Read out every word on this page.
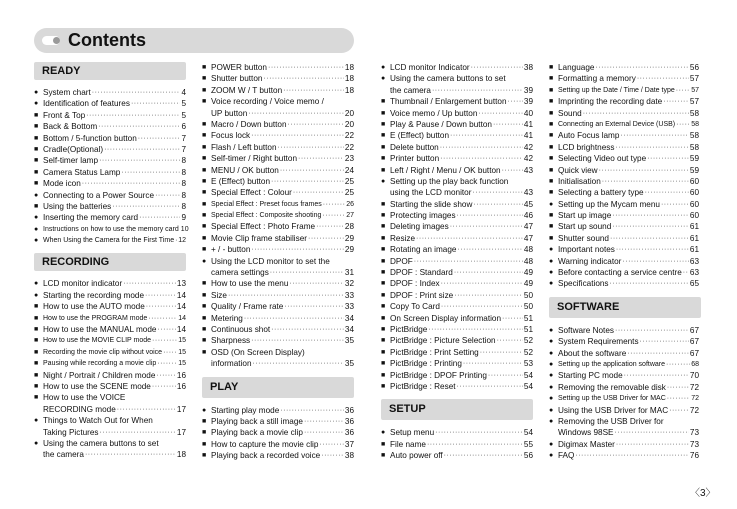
Contents
READY
● System chart ·····	4
● Identification of features ·····	5
■ Front & Top ·····	5
■ Back & Bottom ·····	6
■ Bottom / 5-function button ·····	7
■ Cradle(Optional) ·····	7
■ Self-timer lamp ·····	8
■ Camera Status Lamp ·····	8
■ Mode icon ·····	8
● Connecting to a Power Source ·····	8
■ Using the batteries ·····	8
● Inserting the memory card ·····	9
● Instructions on how to use the memory card 10
● When Using the Camera for the First Time ····· 12
RECORDING
● LCD monitor indicator ·····	13
● Starting the recording mode ·····	14
■ How to use the AUTO mode ·····	14
■ How to use the PROGRAM mode ·····	14
■ How to use the MANUAL mode ····· 14
■ How to use the MOVIE CLIP mode ·····	15
■ Recording the movie clip without voice ····· 15
■ Pausing while recording a movie clip ·····	15
■ Night / Portrait / Children mode ·····	16
■ How to use the SCENE mode ·····	16
■ How to use the VOICE
RECORDING mode ·····	17
● Things to Watch Out for When
Taking Pictures ·····	17
● Using the camera buttons to set
the camera ·····	18
■ POWER button ·····	18
■ Shutter button ·····	18
■ ZOOM W / T button ·····	18
■ Voice recording / Voice memo /
UP button ·····	20
■ Macro / Down button ·····	20
■ Focus lock ·····	22
■ Flash / Left button ·····	22
■ Self-timer / Right button ·····	23
■ MENU / OK button ·····	24
■ E (Effect) button ·····	25
■ Special Effect : Colour ·····	25
■ Special Effect : Preset focus frames ·····	26
■ Special Effect : Composite shooting ·····	27
■ Special Effect : Photo Frame ·····	28
■ Movie Clip frame stabiliser ·····	29
■ + / - button ·····	29
● Using the LCD monitor to set the
camera settings ·····	31
■ How to use the menu ·····	32
■ Size ·····	33
■ Quality / Frame rate ·····	33
■ Metering ·····	34
■ Continuous shot ·····	34
■ Sharpness ·····	35
■ OSD (On Screen Display)
information ·····	35
PLAY
● Starting play mode ·····	36
■ Playing back a still image ·····	36
■ Playing back a movie clip ·····	36
■ How to capture the movie clip ·····	37
■ Playing back a recorded voice ·····	38
● LCD monitor Indicator ·····	38
● Using the camera buttons to set
the camera ·····	39
■ Thumbnail / Enlargement button ····· 39
■ Voice memo / Up button ·····	40
■ Play & Pause / Down button ·····	41
■ E (Effect) button ·····	41
■ Delete button ·····	42
■ Printer button ·····	42
■ Left / Right / Menu / OK button ·····	43
● Setting up the play back function
using the LCD monitor ·····	43
■ Starting the slide show ·····	45
■ Protecting images ·····	46
■ Deleting images ·····	47
■ Resize ·····	47
■ Rotating an image ·····	48
■ DPOF ·····	48
■ DPOF : Standard ·····	49
■ DPOF : Index ·····	49
■ DPOF : Print size ·····	50
■ Copy To Card ·····	50
■ On Screen Display information ·····	51
■ PictBridge ·····	51
■ PictBridge : Picture Selection ·····	52
■ PictBridge : Print Setting ·····	52
■ PictBridge : Printing ·····	53
■ PictBridge : DPOF Printing ·····	54
■ PictBridge : Reset ·····	54
SETUP
● Setup menu ·····	54
■ File name ·····	55
■ Auto power off ·····	56
■ Language ·····	56
■ Formatting a memory ·····	57
■ Setting up the Date / Time / Date type ····· 57
■ Imprinting the recording date ·····	57
■ Sound ·····	58
■ Connecting an External Device (USB) ····· 58
■ Auto Focus lamp ·····	58
■ LCD brightness ·····	58
■ Selecting Video out type ·····	59
■ Quick view ·····	59
■ Initialisation ·····	60
■ Selecting a battery type ·····	60
● Setting up the Mycam menu ·····	60
■ Start up image ·····	60
■ Start up sound ·····	61
■ Shutter sound ·····	61
● Important notes ·····	61
● Warning indicator ·····	63
● Before contacting a service centre ····· 63
● Specifications ·····	65
SOFTWARE
● Software Notes ·····	67
● System Requirements ·····	67
● About the software ·····	67
● Setting up the application software ·····	68
● Starting PC mode ·····	70
● Removing the removable disk ·····	72
● Setting up the USB Driver for MAC ·····	72
● Using the USB Driver for MAC ·····	72
● Removing the USB Driver for
Windows 98SE ·····	73
● Digimax Master ·····	73
● FAQ ·····	76
〈3〉
